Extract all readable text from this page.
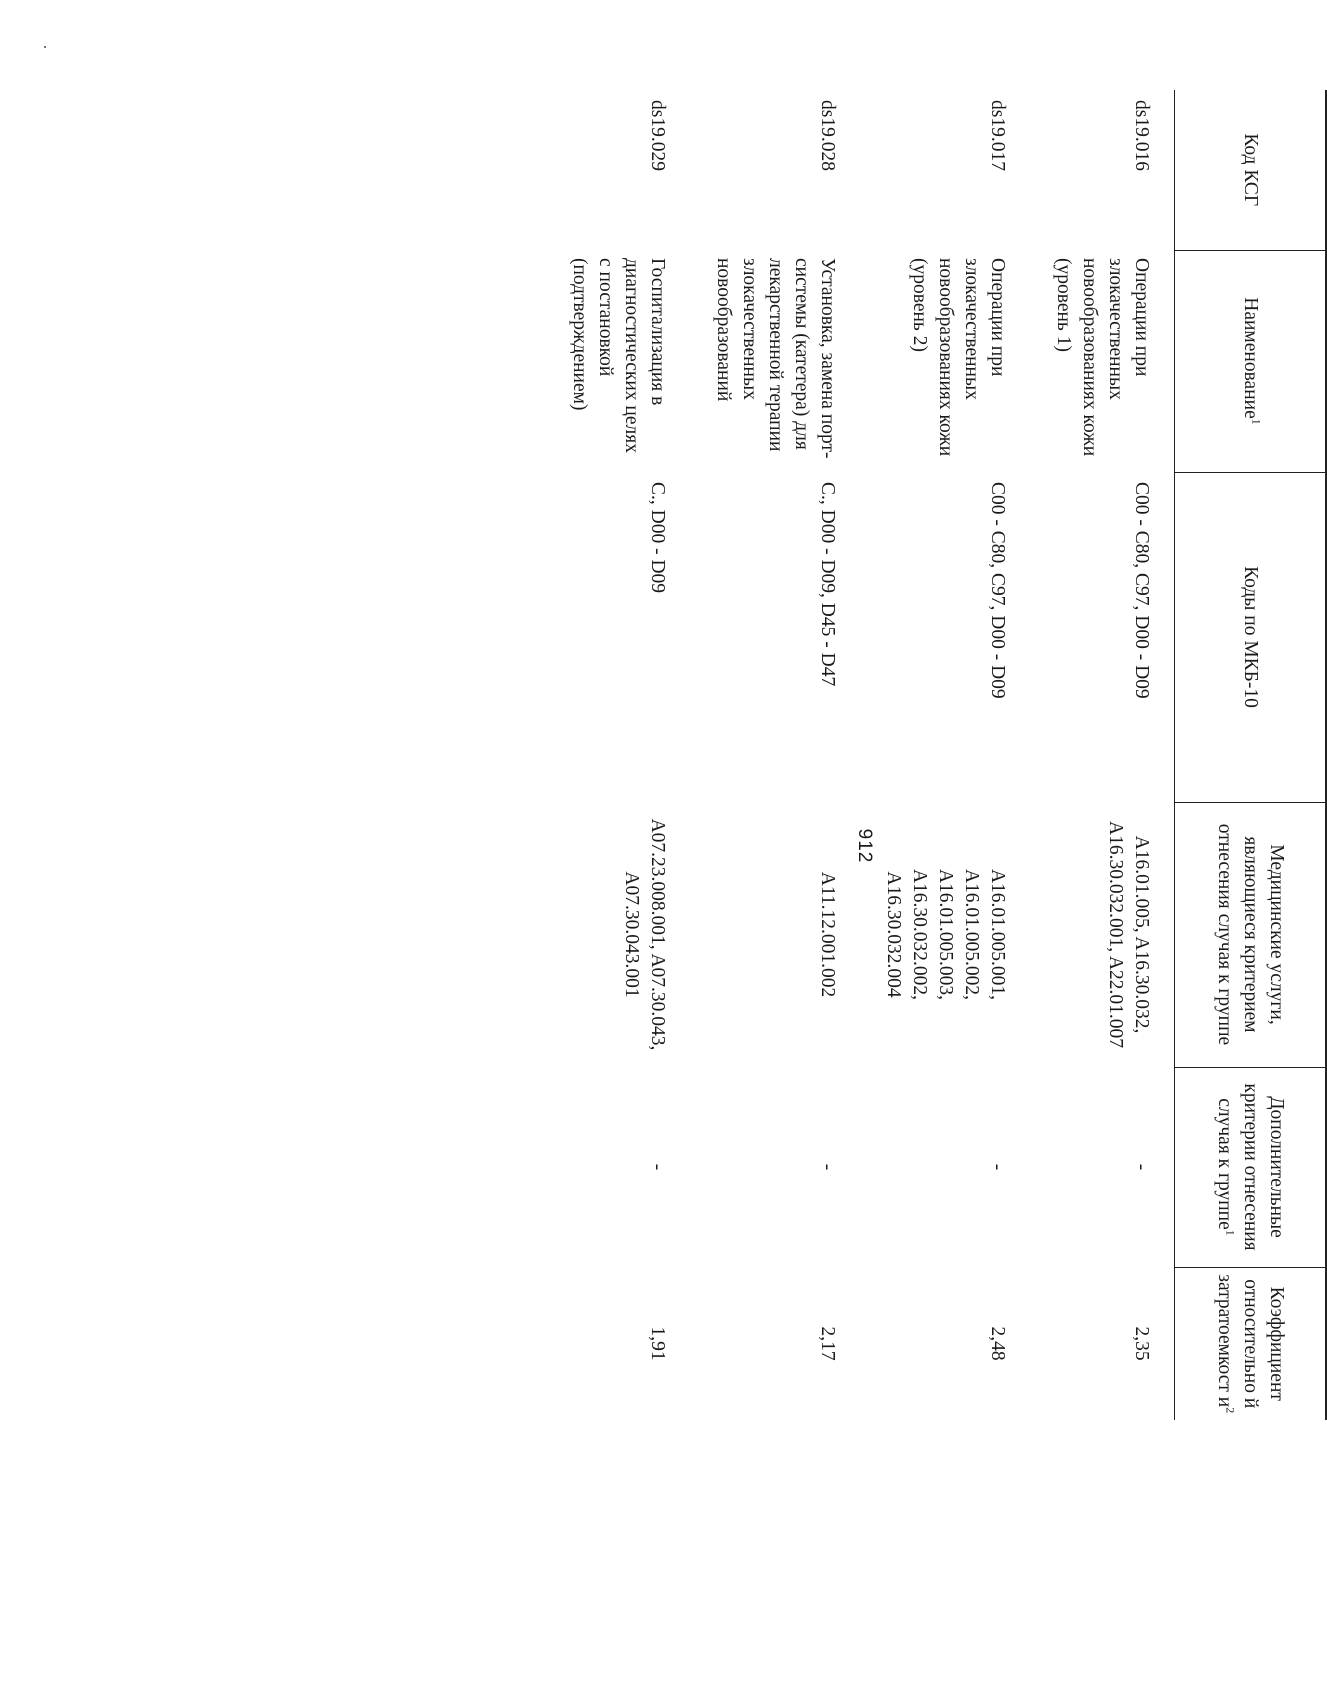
912
Код КСГ	Наименование$^1$	Коды по МКБ-10	Медицинские услуги, являющиеся критерием отнесения случая к группе	Дополнительные критерии отнесения случая к группе$^1$	Коэффициент относительно й затратоемкост $и^2$
ds19.016	Операции при злокачественных новообразованиях кожи (уровень 1)	C00 - C80, C97, D00 - D09	A16.01.005, A16.30.032, A16.30.032.001, A22.01.007	-	2,35
ds19.017	Операции при злокачественных новообразованиях кожи (уровень 2)	C00 - C80, C97, D00 - D09	A16.01.005.001, A16.01.005.002, A16.01.005.003, A16.30.032.002, A16.30.032.004	-	2,48
ds19.028	Установка, замена порт-системы (катетера) для лекарственной терапии злокачественных новообразований	C., D00 - D09, D45 - D47	A11.12.001.002	-	2,17
ds19.029	Госпитализация в диагностических целях с постановкой (подтверждением)	C., D00 - D09	A07.23.008.001, A07.30.043, A07.30.043.001	-	1,91
